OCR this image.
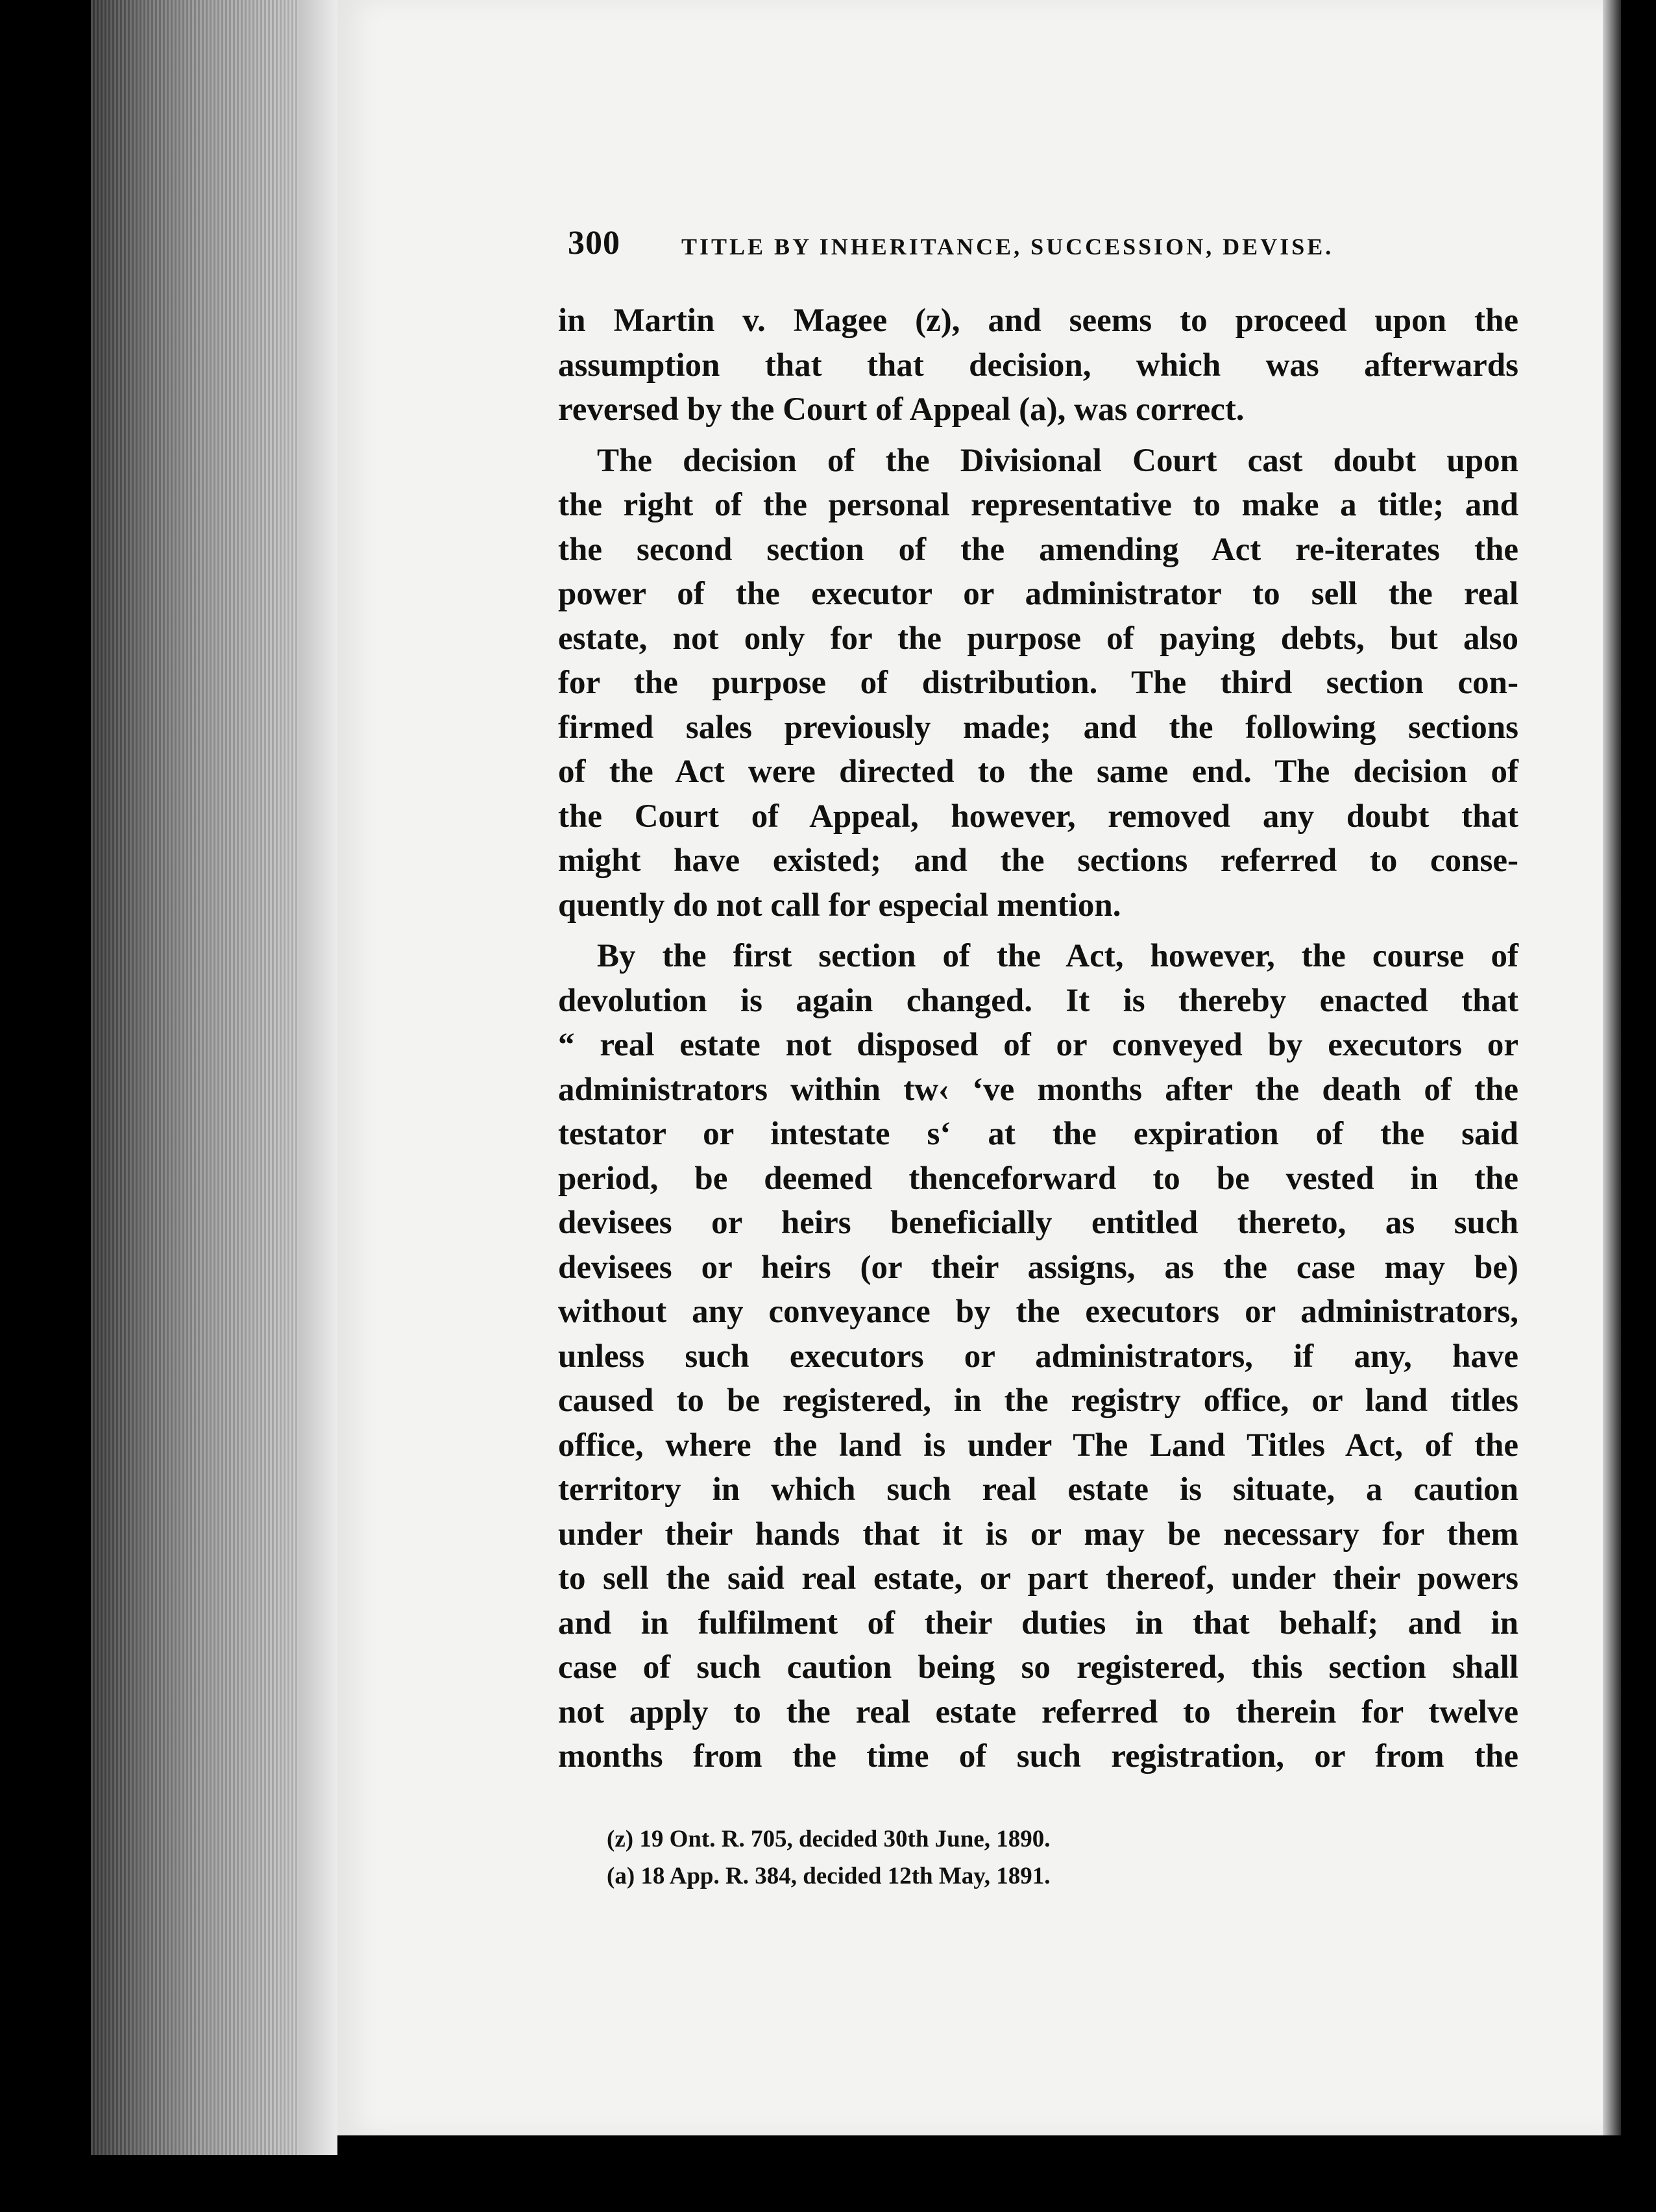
300	TITLE BY INHERITANCE, SUCCESSION, DEVISE.
in Martin v. Magee (z), and seems to proceed upon the
assumption that that decision, which was afterwards
reversed by the Court of Appeal (a), was correct.
The decision of the Divisional Court cast doubt upon
the right of the personal representative to make a title; and
the second section of the amending Act re-iterates the
power of the executor or administrator to sell the real
estate, not only for the purpose of paying debts, but also
for the purpose of distribution. The third section con-
firmed sales previously made; and the following sections
of the Act were directed to the same end. The decision of
the Court of Appeal, however, removed any doubt that
might have existed; and the sections referred to conse-
quently do not call for especial mention.
By the first section of the Act, however, the course of
devolution is again changed. It is thereby enacted that
“ real estate not disposed of or conveyed by executors or
administrators within tw‹ ‘ve months after the death of the
testator or intestate s‘ at the expiration of the said
period, be deemed thenceforward to be vested in the
devisees or heirs beneficially entitled thereto, as such
devisees or heirs (or their assigns, as the case may be)
without any conveyance by the executors or administrators,
unless such executors or administrators, if any, have
caused to be registered, in the registry office, or land titles
office, where the land is under The Land Titles Act, of the
territory in which such real estate is situate, a caution
under their hands that it is or may be necessary for them
to sell the said real estate, or part thereof, under their powers
and in fulfilment of their duties in that behalf; and in
case of such caution being so registered, this section shall
not apply to the real estate referred to therein for twelve
months from the time of such registration, or from the
(z) 19 Ont. R. 705, decided 30th June, 1890.
(a) 18 App. R. 384, decided 12th May, 1891.
